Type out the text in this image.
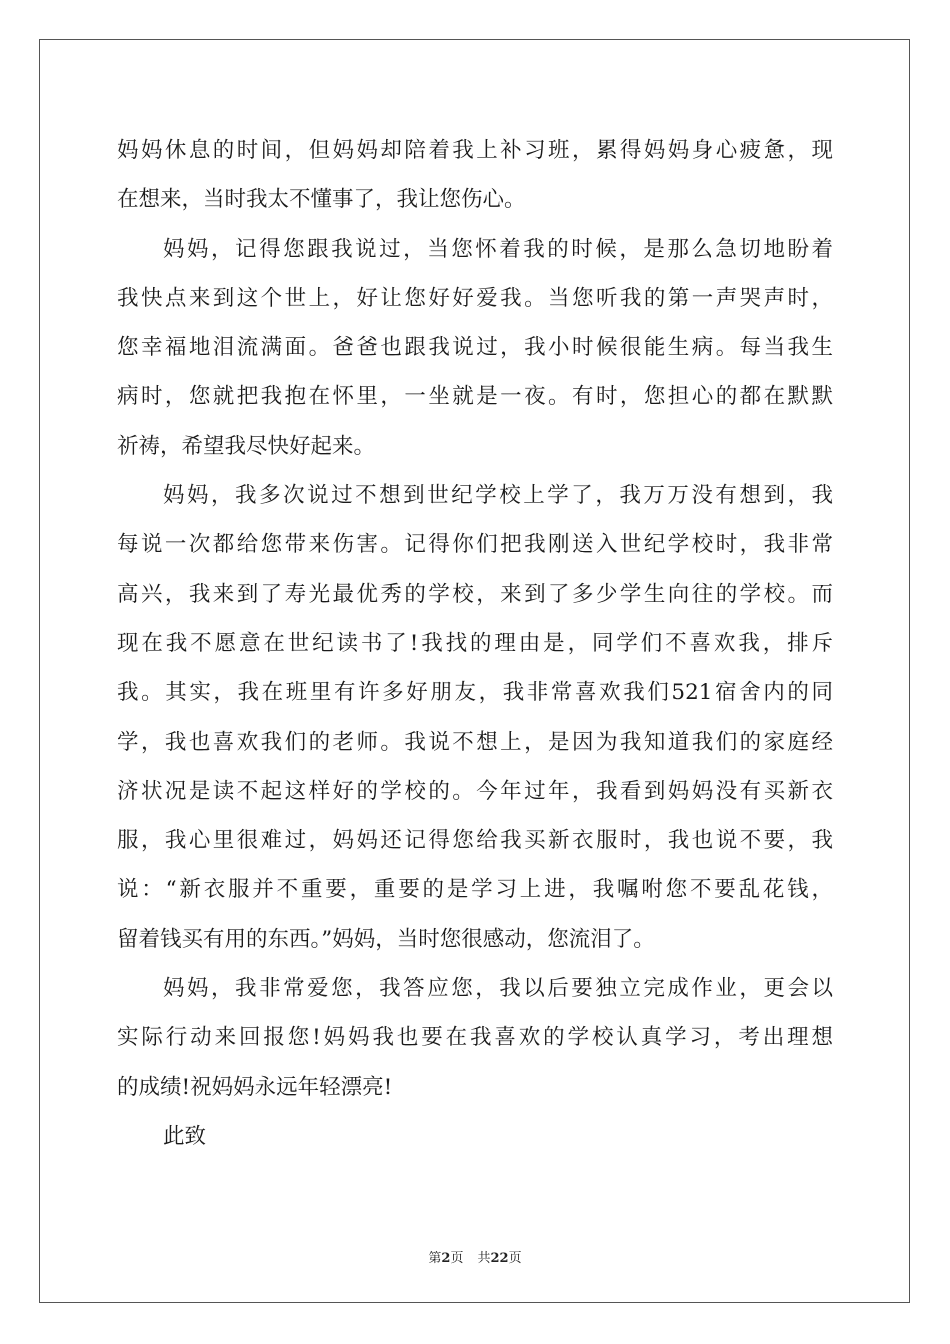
妈妈休息的时间，但妈妈却陪着我上补习班，累得妈妈身心疲惫，现
在想来，当时我太不懂事了，我让您伤心。
妈妈，记得您跟我说过，当您怀着我的时候，是那么急切地盼着
我快点来到这个世上，好让您好好爱我。当您听我的第一声哭声时，
您幸福地泪流满面。爸爸也跟我说过，我小时候很能生病。每当我生
病时，您就把我抱在怀里，一坐就是一夜。有时，您担心的都在默默
祈祷，希望我尽快好起来。
妈妈，我多次说过不想到世纪学校上学了，我万万没有想到，我
每说一次都给您带来伤害。记得你们把我刚送入世纪学校时，我非常
高兴，我来到了寿光最优秀的学校，来到了多少学生向往的学校。而
现在我不愿意在世纪读书了!我找的理由是，同学们不喜欢我，排斥
我。其实，我在班里有许多好朋友，我非常喜欢我们521宿舍内的同
学，我也喜欢我们的老师。我说不想上，是因为我知道我们的家庭经
济状况是读不起这样好的学校的。今年过年，我看到妈妈没有买新衣
服，我心里很难过，妈妈还记得您给我买新衣服时，我也说不要，我
说：“新衣服并不重要，重要的是学习上进，我嘱咐您不要乱花钱，
留着钱买有用的东西。”妈妈，当时您很感动，您流泪了。
妈妈，我非常爱您，我答应您，我以后要独立完成作业，更会以
实际行动来回报您!妈妈我也要在我喜欢的学校认真学习，考出理想
的成绩!祝妈妈永远年轻漂亮!
此致
第2页 共22页
